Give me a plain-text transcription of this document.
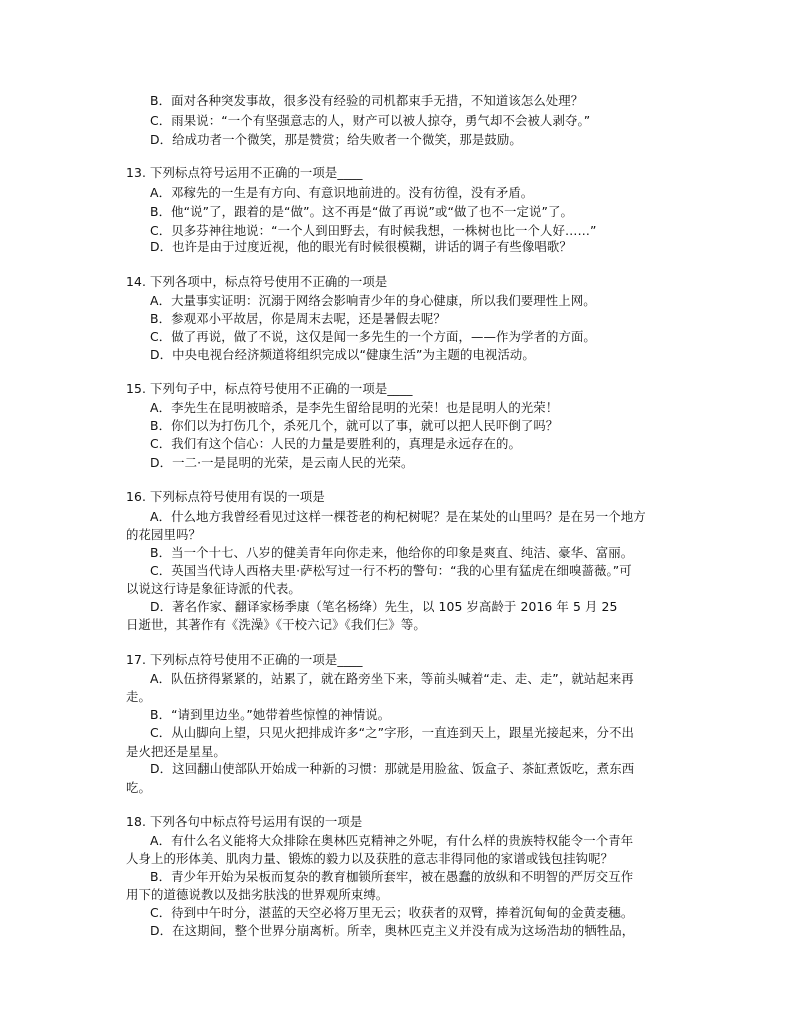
B．面对各种突发事故，很多没有经验的司机都束手无措，不知道该怎么处理？
C．雨果说：“一个有坚强意志的人，财产可以被人掠夺，勇气却不会被人剥夺。”
D．给成功者一个微笑，那是赞赏；给失败者一个微笑，那是鼓励。
13. 下列标点符号运用不正确的一项是____
A．邓稼先的一生是有方向、有意识地前进的。没有彷徨，没有矛盾。
B．他“说”了，跟着的是“做”。这不再是“做了再说”或“做了也不一定说”了。
C．贝多芬神往地说：“一个人到田野去，有时候我想，一株树也比一个人好……”
D．也许是由于过度近视，他的眼光有时候很模糊，讲话的调子有些像唱歌？
14. 下列各项中，标点符号使用不正确的一项是
A．大量事实证明：沉溺于网络会影响青少年的身心健康，所以我们要理性上网。
B．参观邓小平故居，你是周末去呢，还是暑假去呢？
C．做了再说，做了不说，这仅是闻一多先生的一个方面，——作为学者的方面。
D．中央电视台经济频道将组织完成以“健康生活”为主题的电视活动。
15. 下列句子中，标点符号使用不正确的一项是____
A．李先生在昆明被暗杀，是李先生留给昆明的光荣！也是昆明人的光荣！
B．你们以为打伤几个，杀死几个，就可以了事，就可以把人民吓倒了吗？
C．我们有这个信心：人民的力量是要胜利的，真理是永远存在的。
D．一二·一是昆明的光荣，是云南人民的光荣。
16. 下列标点符号使用有误的一项是
A．什么地方我曾经看见过这样一棵苍老的枸杞树呢？是在某处的山里吗？是在另一个地方
的花园里吗？
B．当一个十七、八岁的健美青年向你走来，他给你的印象是爽直、纯洁、豪华、富丽。
C．英国当代诗人西格夫里·萨松写过一行不朽的警句：“我的心里有猛虎在细嗅蔷薇。”可
以说这行诗是象征诗派的代表。
D．著名作家、翻译家杨季康（笔名杨绛）先生，以 105 岁高龄于 2016 年 5 月 25
日逝世，其著作有《洗澡》《干校六记》《我们仨》等。
17. 下列标点符号使用不正确的一项是____
A．队伍挤得紧紧的，站累了，就在路旁坐下来，等前头喊着“走、走、走”，就站起来再
走。
B．“请到里边坐。”她带着些惊惶的神情说。
C．从山脚向上望，只见火把排成许多“之”字形，一直连到天上，跟星光接起来，分不出
是火把还是星星。
D．这回翻山使部队开始成一种新的习惯：那就是用脸盆、饭盒子、茶缸煮饭吃，煮东西
吃。
18. 下列各句中标点符号运用有误的一项是
A．有什么名义能将大众排除在奥林匹克精神之外呢，有什么样的贵族特权能令一个青年
人身上的形体美、肌肉力量、锻炼的毅力以及获胜的意志非得同他的家谱或钱包挂钩呢？
B．青少年开始为呆板而复杂的教育枷锁所套牢，被在愚蠢的放纵和不明智的严厉交互作
用下的道德说教以及拙劣肤浅的世界观所束缚。
C．待到中午时分，湛蓝的天空必将万里无云；收获者的双臂，捧着沉甸甸的金黄麦穗。
D．在这期间，整个世界分崩离析。所幸，奥林匹克主义并没有成为这场浩劫的牺牲品，
